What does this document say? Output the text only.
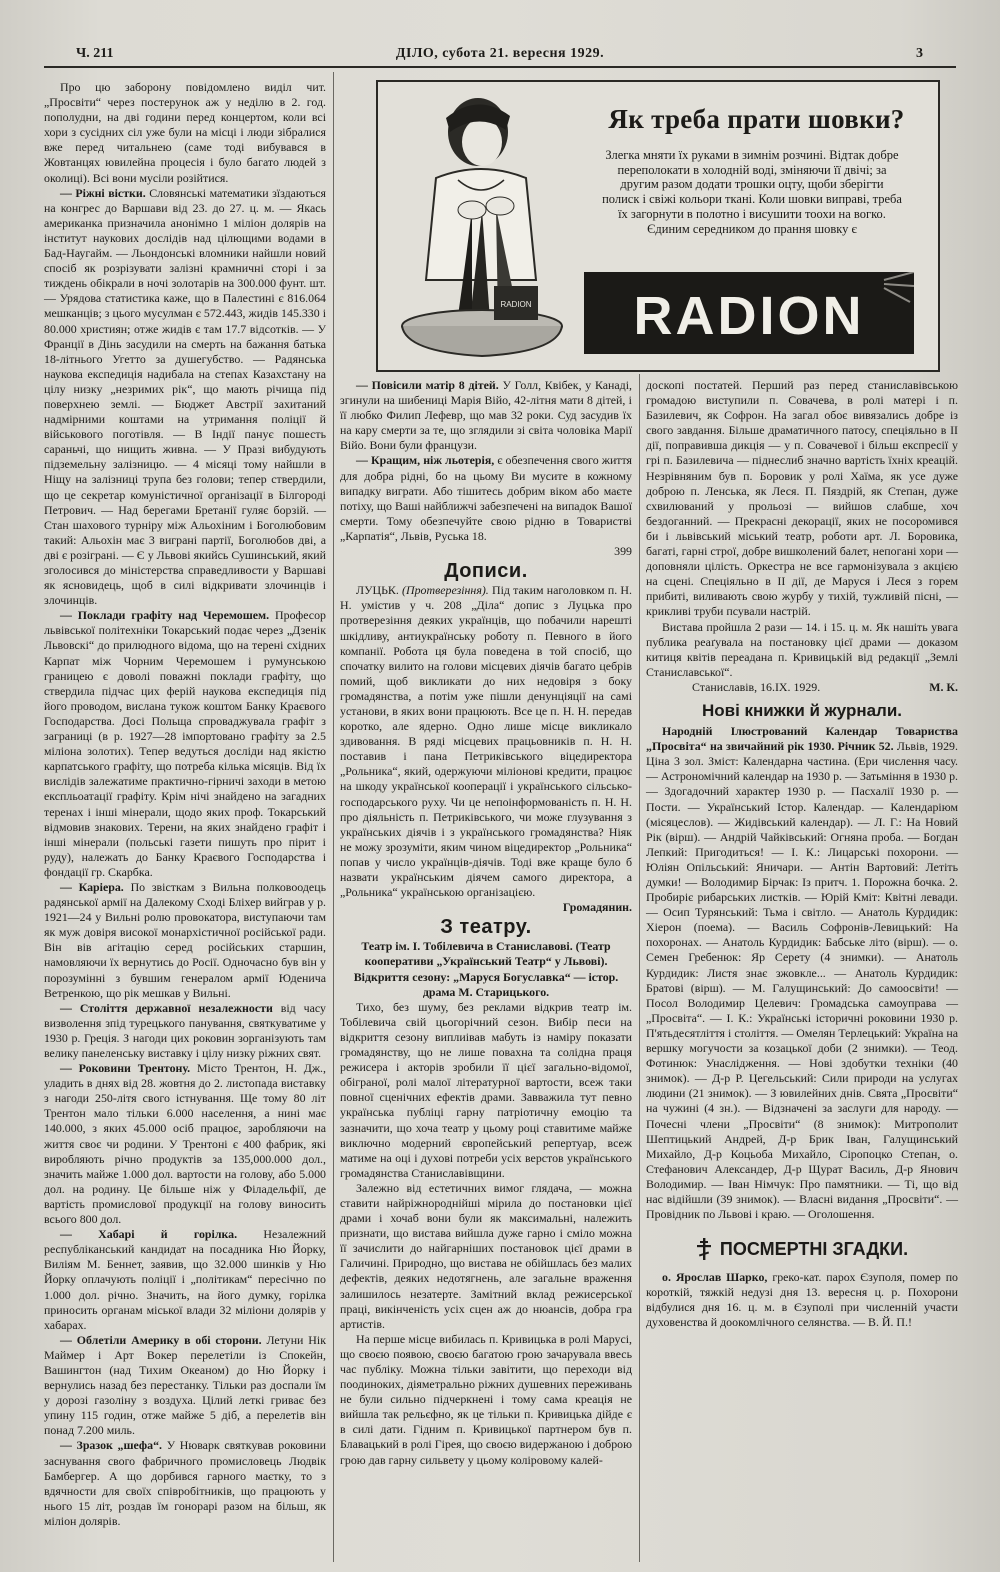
Ч. 211	ДІЛО, субота 21. вересня 1929.	3

Про цю заборону повідомлено виділ чит. „Просвіти“ через постерунок аж у неділю в 2. год. пополудни, на дві години перед концертом, коли всі хори з сусідних сіл уже були на місці і люди зібралися вже перед читальнею (саме тоді вибувався в Жовтанцях ювилейна процесія і було багато людей з околиці). Всі вони мусіли розійтися.

— Ріжні вістки. Словянські математики зїздаються на конгрес до Варшави від 23. до 27. ц. м. — Якась американка призначила анонімно 1 міліон долярів на інститут наукових дослідів над цілющими водами в Бад-Наугайм. — Льондонські вломники найшли новий спосіб як розрізувати залізні крамничні сторі і за тиждень обікрали в ночі золотарів на 300.000 фунт. шт. — Урядова статистика каже, що в Палестині є 816.064 мешканців; з цього мусулман є 572.443, жидів 145.330 і 80.000 християн; отже жидів є там 17.7 відсотків. — У Франції в Дінь засудили на смерть на бажання батька 18-літнього Угетто за душегубство. — Радянська наукова експедиція надибала на степах Казахстану на цілу низку „незримих рік“, що мають річища під поверхнею землі. — Бюджет Австрії захитаний надмірними коштами на утримання поліції й військового поготівля. — В Індії панує пошесть сараньчі, що нищить живна. — У Празі вибудують підземельну залізницю. — 4 місяці тому найшли в Ніщу на залізниці трупа без голови; тепер ствердили, що це секретар комуністичної організації в Білгороді Петрович. — Над берегами Бретанії гуляє борзій. — Стан шахового турніру між Альохіним і Боголюбовим такий: Альохін має 3 виграні партії, Боголюбов дві, а дві є розіграні. — Є у Львові якийсь Сушинський, який зголосився до міністерства справедливости у Варшаві як ясновидець, щоб в силі відкривати злочинців і злочинців.

— Поклади графіту над Черемошем. Професор львівської політехніки Токарський подає через „Дзенік Львовскі“ до прилюдного відома, що на терені східних Карпат між Чорним Черемошем і румунською границею є доволі поважні поклади графіту, що ствердила підчас цих ферій наукова експедиція під його проводом, вислана тукож коштом Банку Краєвого Господарства. Досі Польща спроваджувала графіт з заграниці (в р. 1927—28 імпортовано графіту за 2.5 міліона золотих). Тепер ведуться досліди над якістю карпатського графіту, що потреба кілька місяців. Від їх вислідів залежатиме практично-гірничі заходи в метою експльоатації графіту. Крім нічі знайдено на загадних теренах і інші мінерали, щодо яких проф. Токарський відмовив знакових. Терени, на яких знайдено графіт і інші мінерали (польські газети пишуть про пірит і руду), належать до Банку Краєвого Господарства і фондації гр. Скарбка.

— Каріера. По звісткам з Вильна полковоодець радянської армії на Далекому Сході Бліхер вийграв у р. 1921—24 у Вильні ролю провокатора, виступаючи там як муж довіря високої монархістичної російської ради. Він вів агітацію серед російських старшин, намовляючи їх вернутись до Росії. Одночасно був він у порозумінні з бувшим генералом армії Юденича Ветренкою, що рік мешкав у Вильні.

— Століття державної незалежности від часу визволення зпід турецького панування, святкуватиме у 1930 р. Греція. З нагоди цих роковин зорганізують там велику панеленську виставку і цілу низку ріжних свят.

— Роковини Трентону. Місто Трентон, Н. Дж., уладить в днях від 28. жовтня до 2. листопада виставку з нагоди 250-літя свого істнування. Ще тому 80 літ Трентон мало тільки 6.000 населення, а нині має 140.000, з яких 45.000 осіб працює, заробляючи на життя своє чи родини. У Трентоні є 400 фабрик, які виробляють річно продуктів за 135,000.000 дол., значить майже 1.000 дол. вартости на голову, або 5.000 дол. на родину. Це більше ніж у Філадельфії, де вартість промислової продукції на голову виносить всього 800 дол.

— Хабарі й горілка. Незалежний республіканський кандидат на посадника Ню Йорку, Виліям М. Беннет, заявив, що 32.000 шинків у Ню Йорку оплачують поліції і „політикам“ пересічно по 1.000 дол. річно. Значить, на його думку, горілка приносить органам міської влади 32 міліони долярів у хабарах.

— Облетіли Америку в обі сторони. Летуни Нік Маймер і Арт Вокер перелетіли із Спокейн, Вашингтон (над Тихим Океаном) до Ню Йорку і вернулись назад без перестанку. Тільки раз доспали їм у дорозі газоліну з воздуха. Цілий леткі гриває без упину 115 годин, отже майже 5 діб, а перелетів він понад 7.200 миль.

— Зразок „шефа“. У Нюварк святкував роковини заснування свого фабричного промисловець Людвік Бамбергер. А що дорбився гарного маєтку, то з вдячности для своїх співробітників, що працюють у нього 15 літ, роздав їм гонорарі разом на більш, як міліон долярів.

RADION
Як треба прати шовки?
Злегка мняти їх руками в зимнім розчині. Відтак добре переполокати в холодній воді, зміняючи її двічі; за другим разом додати трошки оцту, щоби зберігти полиск і свіжі кольори ткані. Коли шовки виправі, треба їх загорнути в полотно і висушити тоохи на вогко. Єдиним середником до прання шовку є
RADION

— Повісили матір 8 дітей. У Голл, Квібек, у Канаді, згинули на шибениці Марія Війо, 42-літня мати 8 дітей, і її любко Филип Лефевр, що мав 32 роки. Суд засудив їх на кару смерти за те, що зглядили зі світа чоловіка Марії Війо. Вони були французи.

— Кращим, ніж льотерія, є обезпечення свого життя для добра рідні, бо на цьому Ви мусите в кожному випадку виграти. Або тішитесь добрим віком або маєте потіху, що Ваші найближчі забезпечені на випадок Вашої смерти. Тому обезпечуйте свою рідню в Товаристві „Карпатія“, Львів, Руська 18.

399
Дописи.

ЛУЦЬК. (Протверезіння). Під таким наголовком п. Н. Н. умістив у ч. 208 „Діла“ допис з Луцька про протверезіння деяких українців, що побачили нарешті шкідливу, антиукраїнську роботу п. Певного в його компанії. Робота ця була поведена в той спосіб, що спочатку вилито на голови місцевих діячів багато цебрів помий, щоб викликати до них недовіря з боку громадянства, а потім уже пішли денунціяції на самі установи, в яких вони працюють. Все це п. Н. Н. передав коротко, але ядерно. Одно лише місце викликало здивовання. В ряді місцевих працьовників п. Н. Н. поставив і пана Петриківського віцедиректора „Рольника“, який, одержуючи міліонові кредити, працює на шкоду української кооперації і українського сільсько-господарського руху. Чи це непоінформованість п. Н. Н. про діяльність п. Петриківського, чи може глузування з українських діячів і з українського громадянства? Ніяк не можу зрозуміти, яким чином віцедиректор „Рольника“ попав у число українців-діячів. Тоді вже краще було б назвати українським діячем самого директора, а „Рольника“ українською організацією.

Громадянин.
З театру.

Театр ім. І. Тобілевича в Станиславові. (Театр кооперативи „Український Театр“ у Львові). Відкриття сезону: „Маруся Богуславка“ — істор. драма М. Старицького.

Тихо, без шуму, без реклами відкрив театр ім. Тобілевича свій цьогорічний сезон. Вибір песи на відкриття сезону виплиівав мабуть із наміру показати громадянству, що не лише повахна та солідна праця режисера і акторів зробили її цієї загально-відомої, обіграної, ролі малої літературної вартости, всеж таки повної сценічних ефектів драми. Завважила тут певно українська публіці гарну патріотичну емоцію та зазначити, що хоча театр у цьому році ставитиме майже виключно модерний європейський репертуар, всеж матиме на оці і духові потреби усіх верстов українського громадянства Станиславівщини.

Залежно від естетичних вимог глядача, — можна ставити найріжнороднійші мірила до постановки цієї драми і хочаб вони були як максимальні, належить признати, що вистава вийшла дуже гарно і сміло можна її зачислити до найгарніших постановок цієї драми в Галичині. Природно, що вистава не обійшлась без малих дефектів, деяких недотягнень, але загальне враження залишилось незатерте. Замітний вклад режисерської праці, викінченість усіх сцен аж до нюансів, добра гра артистів.

На перше місце вибилась п. Кривицька в ролі Марусі, що своєю появою, своєю багатою грою зачарувала ввесь час публіку. Можна тільки завітити, що переходи від поодиноких, діяметрально ріжних душевних переживань не були сильно підчеркнені і тому сама креація не вийшла так рельєфно, як це тільки п. Кривицька дійде є в силі дати. Гідним п. Кривицької партнером був п. Блавацький в ролі Гірея, що своєю видержаною і доброю грою дав гарну сильвету у цьому коліровому калей-

доскопі постатей. Перший раз перед станиславівською громадою виступили п. Совачева, в ролі матері і п. Базилевич, як Софрон. На загал обоє вивязались добре із свого завдання. Більше драматичного патосу, спеціяльно в ІІ дії, поправивша дикція — у п. Совачевої і більш експресії у грі п. Базилевича — піднеслиб значно вартість їхніх креацій. Незрівняним був п. Боровик у ролі Хаїма, як усе дуже доброю п. Ленська, як Леся. П. Пяздрій, як Степан, дуже схвилюваний у прольозі — вийшов слабше, хоч бездоганний. — Прекрасні декорації, яких не посоромився би і львівський міський театр, роботи арт. Л. Боровика, багаті, гарні строї, добре вишколений балет, непогані хори — доповняли цілість. Оркестра не все гармонізувала з акцією на сцені. Спеціяльно в ІІ дії, де Маруся і Леся з горем прибиті, виливають свою журбу у тихій, тужливій пісні, — крикливі труби псували настрій.

Вистава пройшла 2 рази — 14. і 15. ц. м. Як нашіть увага публика реаґувала на постановку цієї драми — доказом китиця квітів переадана п. Кривицькій від редакції „Землі Станиславської“.

Станиславів, 16.ІХ. 1929.	М. К.
Нові книжки й журнали.

Народній Ілюстрований Календар Товариства „Просвіта“ на звичайний рік 1930. Річник 52. Львів, 1929. Ціна 3 зол. Зміст: Календарна частина. (Ери числення часу. — Астрономічний календар на 1930 р. — Затьміння в 1930 р. — Здогадочний характер 1930 р. — Пасхалії 1930 р. — Пости. — Український Істор. Календар. — Календаріюм (місяцеслов). — Жидівський календар). — Л. Г.: На Новий Рік (вірш). — Андрій Чайківський: Огняна проба. — Богдан Лепкий: Пригодиться! — І. К.: Лицарські похорони. — Юліян Опільський: Яничари. — Антін Вартовий: Летіть думки! — Володимир Бірчак: Із притч. 1. Порожна бочка. 2. Пробиріє рибарських листків. — Юрій Кміт: Квітні левади. — Осип Турянський: Тьма і світло. — Анатоль Курдидик: Хіерон (поема). — Василь Софронів-Левицький: На похоронах. — Анатоль Курдидик: Бабське літо (вірш). — о. Семен Гребенюк: Яр Серету (4 знимки). — Анатоль Курдидик: Листя знає зжовкле... — Анатоль Курдидик: Братові (вірш). — М. Галущинський: До самоосвіти! — Посол Володимир Целевич: Громадська самоуправа — „Просвіта“. — І. К.: Українські історичні роковини 1930 р. П'ятьдесятліття і століття. — Омелян Терлецький: Україна на вершку могучости за козацької доби (2 знимки). — Теод. Фотинюк: Унаслідження. — Нові здобутки техніки (40 знимок). — Д-р Р. Цегельський: Сили природи на услугах людини (21 знимок). — З ювилейних днів. Свята „Просвіти“ на чужині (4 зн.). — Відзначені за заслуги для народу. — Почесні члени „Просвіти“ (8 знимок): Митрополит Шептицький Андрей, Д-р Брик Іван, Галущинський Михайло, Д-р Коцьоба Михайло, Сіропоцко Степан, о. Стефанович Александер, Д-р Щурат Василь, Д-р Янович Володимир. — Іван Німчук: Про памятники. — Ті, що від нас відійшли (39 знимок). — Власні видання „Просвіти“. — Провідник по Львові і краю. — Оголошення.

ПОСМЕРТНІ ЗГАДКИ.

о. Ярослав Шарко, греко-кат. парох Єзуполя, помер по короткій, тяжкій недузі дня 13. вересня ц. р. Похорони відбулися дня 16. ц. м. в Єзуполі при численній участи духовенства й доокомлічного селянства. — В. Й. П.!
